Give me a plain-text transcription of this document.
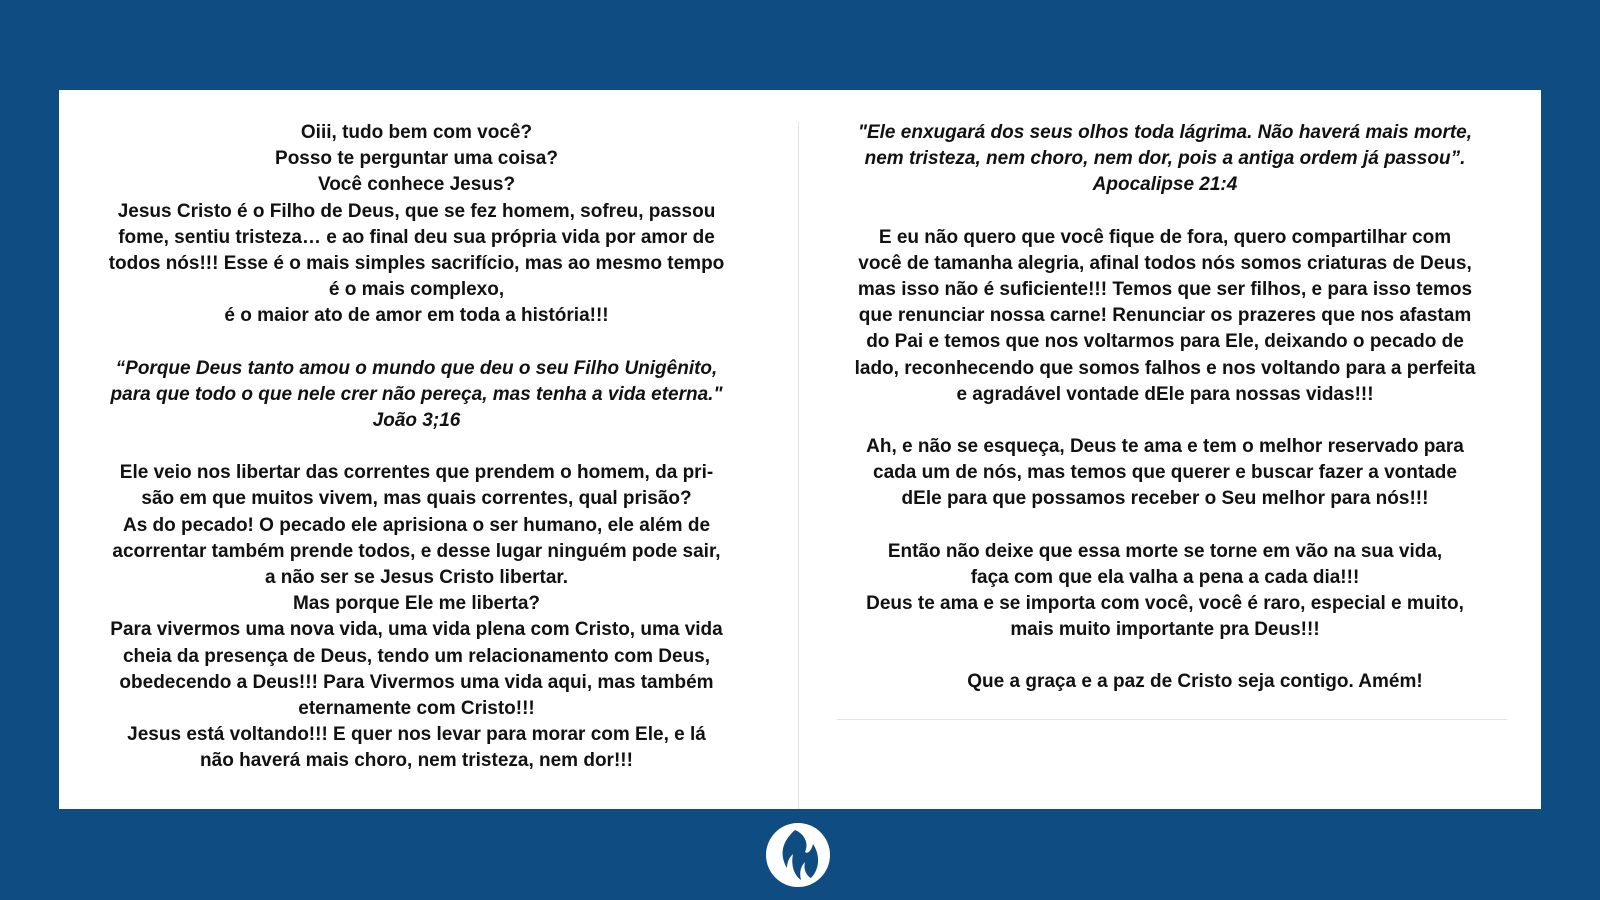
Oiii, tudo bem com você?

Posso te perguntar uma coisa?

Você conhece Jesus?

Jesus Cristo é o Filho de Deus, que se fez homem, sofreu, passou

fome, sentiu tristeza… e ao final deu sua própria vida por amor de

todos nós!!! Esse é o mais simples sacrifício, mas ao mesmo tempo

é o mais complexo,

é o maior ato de amor em toda a história!!!

“Porque Deus tanto amou o mundo que deu o seu Filho Unigênito,

para que todo o que nele crer não pereça, mas tenha a vida eterna."

João 3;16

Ele veio nos libertar das correntes que prendem o homem, da pri-

são em que muitos vivem, mas quais correntes, qual prisão?

As do pecado! O pecado ele aprisiona o ser humano, ele além de

acorrentar também prende todos, e desse lugar ninguém pode sair,

a não ser se Jesus Cristo libertar.

Mas porque Ele me liberta?

Para vivermos uma nova vida, uma vida plena com Cristo, uma vida

cheia da presença de Deus, tendo um relacionamento com Deus,

obedecendo a Deus!!! Para Vivermos uma vida aqui, mas também

eternamente com Cristo!!!

Jesus está voltando!!! E quer nos levar para morar com Ele, e lá

não haverá mais choro, nem tristeza, nem dor!!!

"Ele enxugará dos seus olhos toda lágrima. Não haverá mais morte,

nem tristeza, nem choro, nem dor, pois a antiga ordem já passou”.

Apocalipse 21:4

E eu não quero que você fique de fora, quero compartilhar com

você de tamanha alegria, afinal todos nós somos criaturas de Deus,

mas isso não é suficiente!!! Temos que ser filhos, e para isso temos

que renunciar nossa carne! Renunciar os prazeres que nos afastam

do Pai e temos que nos voltarmos para Ele, deixando o pecado de

lado, reconhecendo que somos falhos e nos voltando para a perfeita

e agradável vontade dEle para nossas vidas!!!

Ah, e não se esqueça, Deus te ama e tem o melhor reservado para

cada um de nós, mas temos que querer e buscar fazer a vontade

dEle para que possamos receber o Seu melhor para nós!!!

Então não deixe que essa morte se torne em vão na sua vida,

faça com que ela valha a pena a cada dia!!!

Deus te ama e se importa com você, você é raro, especial e muito,

mais muito importante pra Deus!!!

Que a graça e a paz de Cristo seja contigo. Amém!
